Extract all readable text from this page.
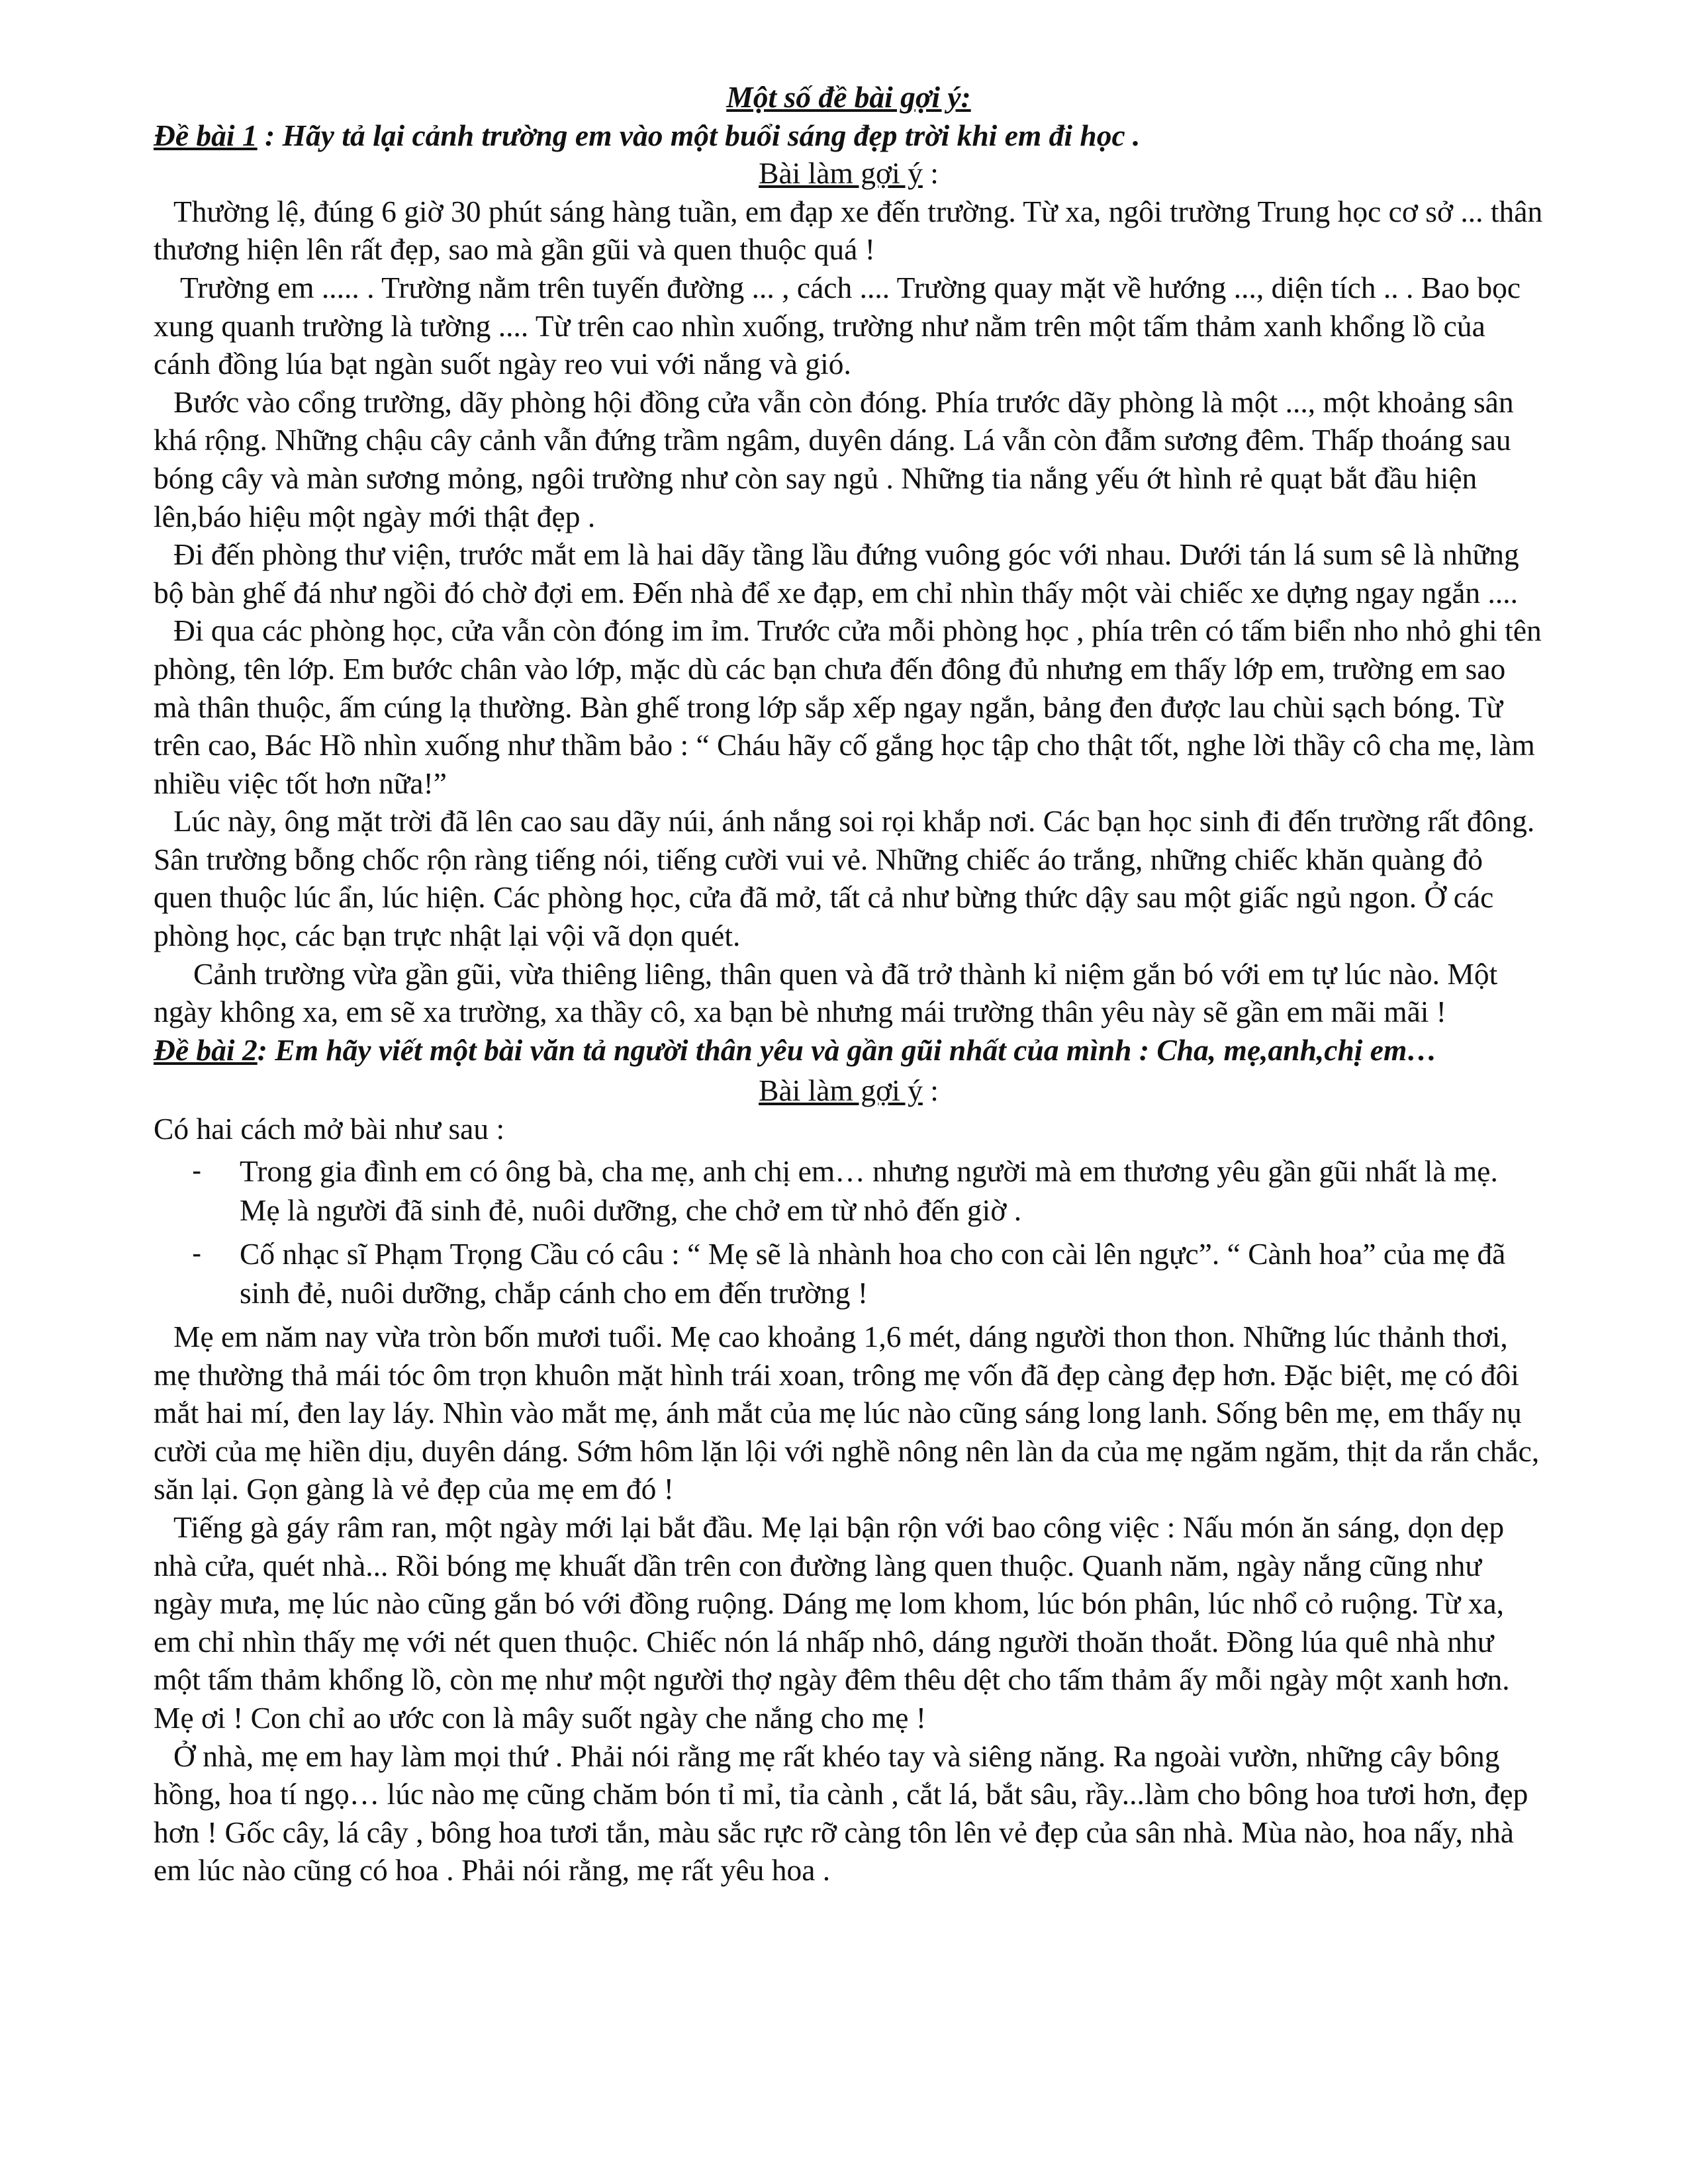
Một số đề bài gợi ý:

Đề bài 1 : Hãy tả lại cảnh trường em vào một buổi sáng đẹp trời khi em đi học .

Bài làm gợi ý :

Thường lệ, đúng 6 giờ 30 phút sáng hàng tuần, em đạp xe đến trường. Từ xa, ngôi trường Trung học cơ sở ... thân thương hiện lên rất đẹp, sao mà gần gũi và quen thuộc quá !

Trường em ..... . Trường nằm trên tuyến đường ... , cách .... Trường quay mặt về hướng ..., diện tích .. . Bao bọc xung quanh trường là tường .... Từ trên cao nhìn xuống, trường như nằm trên một tấm thảm xanh khổng lồ của cánh đồng lúa bạt ngàn suốt ngày reo vui với nắng và gió.

Bước vào cổng trường, dãy phòng hội đồng cửa vẫn còn đóng. Phía trước dãy phòng là một ..., một khoảng sân khá rộng. Những chậu cây cảnh vẫn đứng trầm ngâm, duyên dáng. Lá vẫn còn đẫm sương đêm. Thấp thoáng sau bóng cây và màn sương mỏng, ngôi trường như còn say ngủ . Những tia nắng yếu ớt hình rẻ quạt bắt đầu hiện lên,báo hiệu một ngày mới thật đẹp .

Đi đến phòng thư viện, trước mắt em là hai dãy tầng lầu đứng vuông góc với nhau. Dưới tán lá sum sê là những bộ bàn ghế đá như ngồi đó chờ đợi em. Đến nhà để xe đạp, em chỉ nhìn thấy một vài chiếc xe dựng ngay ngắn ....

Đi qua các phòng học, cửa vẫn còn đóng im ỉm. Trước cửa mỗi phòng học , phía trên có tấm biển nho nhỏ ghi tên phòng, tên lớp. Em bước chân vào lớp, mặc dù các bạn chưa đến đông đủ nhưng em thấy lớp em, trường em sao mà thân thuộc, ấm cúng lạ thường. Bàn ghế trong lớp sắp xếp ngay ngắn, bảng đen được lau chùi sạch bóng. Từ trên cao, Bác Hồ nhìn xuống như thầm bảo : “ Cháu hãy cố gắng học tập cho thật tốt, nghe lời thầy cô cha mẹ, làm nhiều việc tốt hơn nữa!”

Lúc này, ông mặt trời đã lên cao sau dãy núi, ánh nắng soi rọi khắp nơi. Các bạn học sinh đi đến trường rất đông. Sân trường bỗng chốc rộn ràng tiếng nói, tiếng cười vui vẻ. Những chiếc áo trắng, những chiếc khăn quàng đỏ quen thuộc lúc ẩn, lúc hiện. Các phòng học, cửa đã mở, tất cả như bừng thức dậy sau một giấc ngủ ngon. Ở các phòng học, các bạn trực nhật lại vội vã dọn quét.

Cảnh trường vừa gần gũi, vừa thiêng liêng, thân quen và đã trở thành kỉ niệm gắn bó với em tự lúc nào. Một ngày không xa, em sẽ xa trường, xa thầy cô, xa bạn bè nhưng mái trường thân yêu này sẽ gần em mãi mãi !

Đề bài 2: Em hãy viết một bài văn tả người thân yêu và gần gũi nhất của mình : Cha, mẹ,anh,chị em…

Bài làm gợi ý :

Có hai cách mở bài như sau :

- Trong gia đình em có ông bà, cha mẹ, anh chị em… nhưng người mà em thương yêu gần gũi nhất là mẹ. Mẹ là người đã sinh đẻ, nuôi dưỡng, che chở em từ nhỏ đến giờ .
- Cố nhạc sĩ Phạm Trọng Cầu có câu : “ Mẹ sẽ là nhành hoa cho con cài lên ngực”. “ Cành hoa” của mẹ đã sinh đẻ, nuôi dưỡng, chắp cánh cho em đến trường !

Mẹ em năm nay vừa tròn bốn mươi tuổi. Mẹ cao khoảng 1,6 mét, dáng người thon thon. Những lúc thảnh thơi, mẹ thường thả mái tóc ôm trọn khuôn mặt hình trái xoan, trông mẹ vốn đã đẹp càng đẹp hơn. Đặc biệt, mẹ có đôi mắt hai mí, đen lay láy. Nhìn vào mắt mẹ, ánh mắt của mẹ lúc nào cũng sáng long lanh. Sống bên mẹ, em thấy nụ cười của mẹ hiền dịu, duyên dáng. Sớm hôm lặn lội với nghề nông nên làn da của mẹ ngăm ngăm, thịt da rắn chắc, săn lại. Gọn gàng là vẻ đẹp của mẹ em đó !

Tiếng gà gáy râm ran, một ngày mới lại bắt đầu. Mẹ lại bận rộn với bao công việc : Nấu món ăn sáng, dọn dẹp nhà cửa, quét nhà... Rồi bóng mẹ khuất dần trên con đường làng quen thuộc. Quanh năm, ngày nắng cũng như ngày mưa, mẹ lúc nào cũng gắn bó với đồng ruộng. Dáng mẹ lom khom, lúc bón phân, lúc nhổ cỏ ruộng. Từ xa, em chỉ nhìn thấy mẹ với nét quen thuộc. Chiếc nón lá nhấp nhô, dáng người thoăn thoắt. Đồng lúa quê nhà như một tấm thảm khổng lồ, còn mẹ như một người thợ ngày đêm thêu dệt cho tấm thảm ấy mỗi ngày một xanh hơn. Mẹ ơi ! Con chỉ ao ước con là mây suốt ngày che nắng cho mẹ !

Ở nhà, mẹ em hay làm mọi thứ . Phải nói rằng mẹ rất khéo tay và siêng năng. Ra ngoài vườn, những cây bông hồng, hoa tí ngọ… lúc nào mẹ cũng chăm bón tỉ mỉ, tỉa cành , cắt lá, bắt sâu, rầy...làm cho bông hoa tươi hơn, đẹp hơn ! Gốc cây, lá cây , bông hoa tươi tắn, màu sắc rực rỡ càng tôn lên vẻ đẹp của sân nhà. Mùa nào, hoa nấy, nhà em lúc nào cũng có hoa . Phải nói rằng, mẹ rất yêu hoa .
